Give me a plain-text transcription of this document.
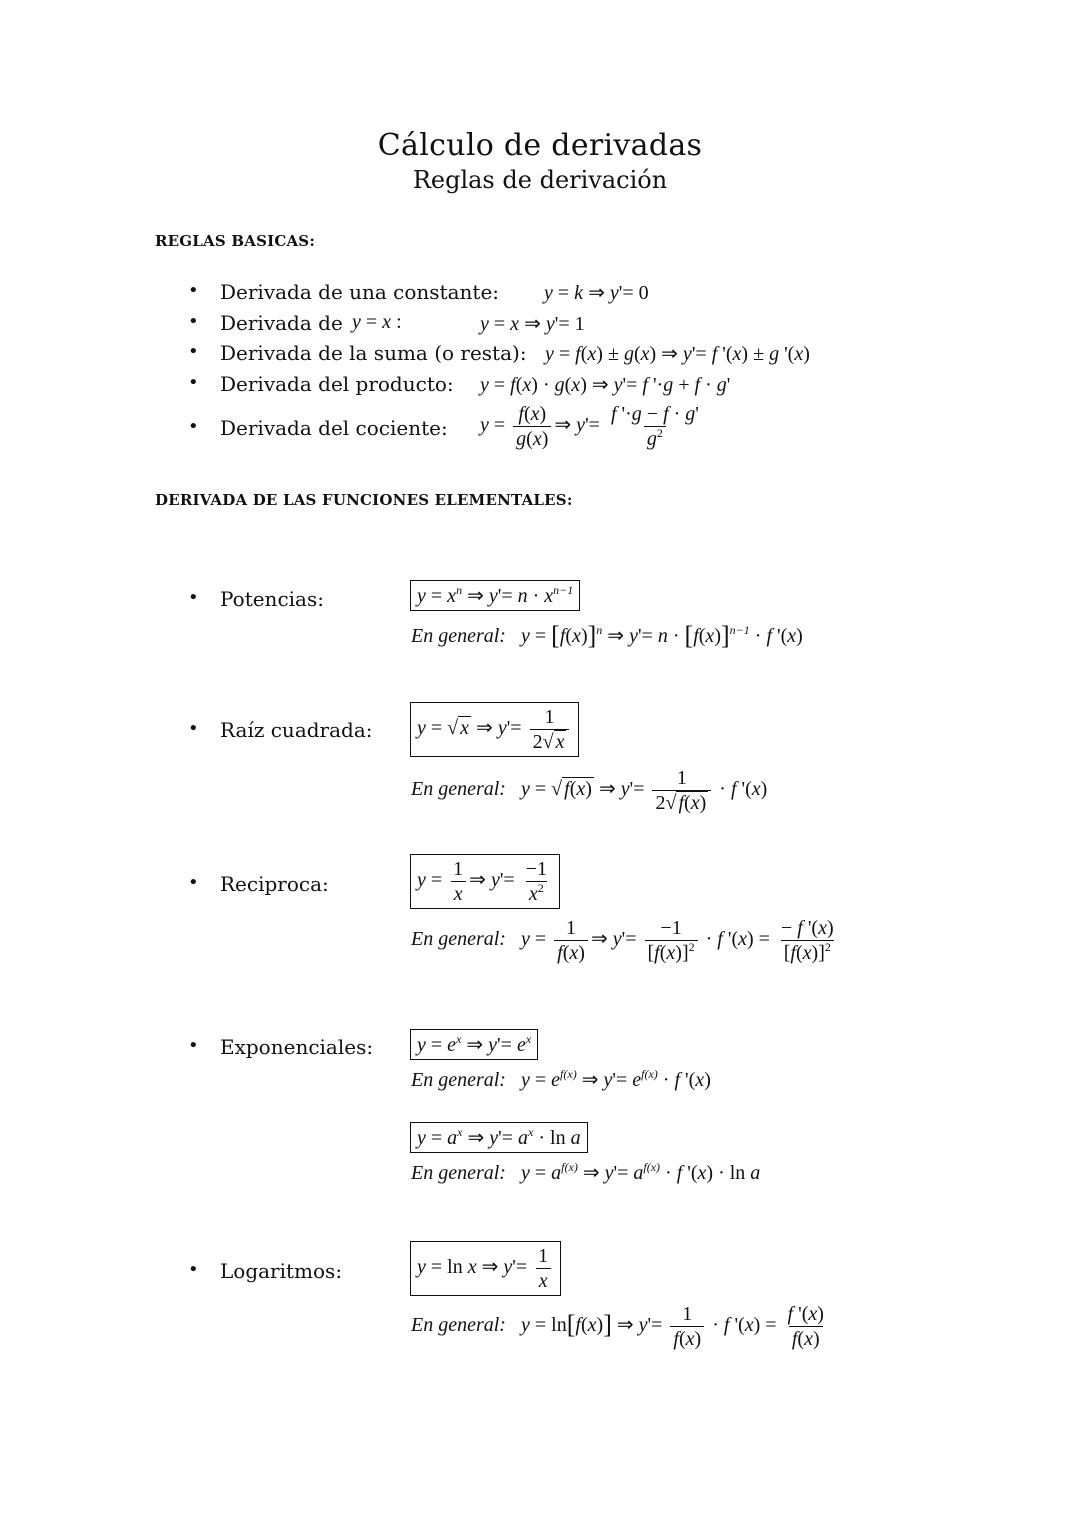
Cálculo de derivadas
Reglas de derivación
REGLAS BASICAS:
• Derivada de una constante: y = k ⇒ y'= 0
• Derivada de y = x :	y = x ⇒ y'= 1
• Derivada de la suma (o resta): y = f(x) ± g(x) ⇒ y'= f '(x) ± g '(x)
• Derivada del producto: y = f(x) · g(x) ⇒ y'= f '·g + f · g'
• Derivada del cociente: $y = \frac{f(x)}{g(x)}$ ⇒ $y'= \frac{f '\cdot g - f \cdot g'}{g^2}$
DERIVADA DE LAS FUNCIONES ELEMENTALES:
• Potencias:	$y = x^n$ ⇒ $y'= n \cdot x^{n-1}$
En general: $y = [f(x)]^n$ ⇒ $y'= n \cdot [f(x)]^{n-1} \cdot f$ '(x)
• Raíz cuadrada:	y = √ x ⇒ $y'= \frac{1}{2√ x}$
En general: y = √ f(x) ⇒ $y'= \frac{1}{2√ f(x)} \cdot f$ '(x)
• Reciproca:	$y = \frac{1}{x}$ ⇒ $y'= \frac{-1}{x^2}$
En general: $y = \frac{1}{f(x)}$ ⇒ $y'= \frac{-1}{[f(x)]^2} \cdot f$ '$(x) = \frac{- f '(x)}{[f(x)]^2}$
• Exponenciales:	$y = e^x$ ⇒ $y'= e^x$
En general: $y = e^{f(x)}$ ⇒ $y'= e^{f(x)} \cdot f$ '(x)
$y = a^x$ ⇒ $y'= a^x \cdot \ln a$
En general: $y = a^{f(x)}$ ⇒ $y'= a^{f(x)} \cdot f$ '(x) · ln a
• Logaritmos:	y = ln x ⇒ $y'= \frac{1}{x}$
En general: y = ln[f(x)] ⇒ $y'= \frac{1}{f(x)} \cdot f$ '$(x) = \frac{f '(x)}{f(x)}$
